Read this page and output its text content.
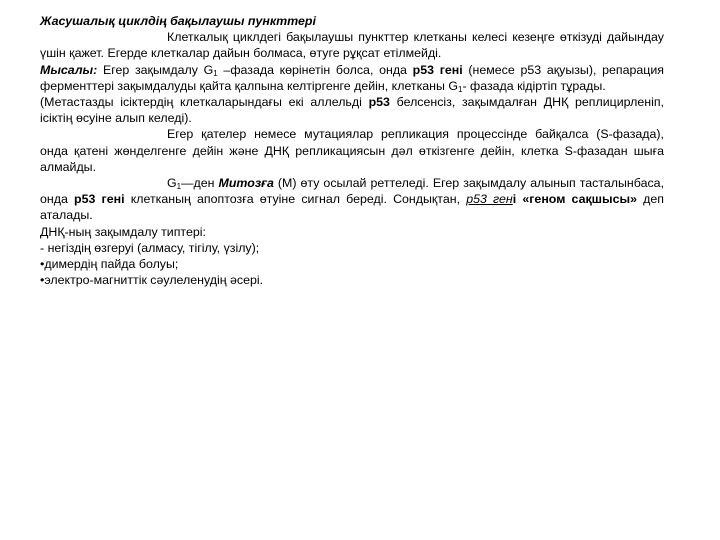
Жасушалық циклдің бақылаушы пункттері

Клеткалық циклдегі бақылаушы пункттер клетканы келесі кезеңге өткізуді дайындау үшін қажет. Егерде клеткалар дайын болмаса, өтуге рұқсат етілмейді.

Мысалы: Егер зақымдалу $G_1$ –фазада көрінетін болса, онда р53 гені (немесе р53 ақуызы), репарация ферменттері зақымдалуды қайта қалпына келтіргенге дейін, клетканы $G_1-$ фазада кідіртіп тұрады.

(Метастазды ісіктердің клеткаларындағы екі аллельді р53 белсенсіз, зақымдалған ДНҚ реплицирленіп, ісіктің өсуіне алып келеді).

Егер қателер немесе мутациялар репликация процессінде байқалса (S-фазада), онда қатені жөнделгенге дейін және ДНҚ репликациясын дәл өткізгенге дейін, клетка S-фазадан шыға алмайды.

$G_1—ден$ Митозға (М) өту осылай реттеледі. Егер зақымдалу алынып тасталынбаса, онда р53 гені клетканың апоптозға өтуіне сигнал береді. Сондықтан, р53 гені «геном сақшысы» деп аталады.

ДНҚ-ның зақымдалу типтері:

- негіздің өзгеруі (алмасу, тігілу, үзілу);

•димердің пайда болуы;

•электро-магниттік сәулеленудің әсері.
